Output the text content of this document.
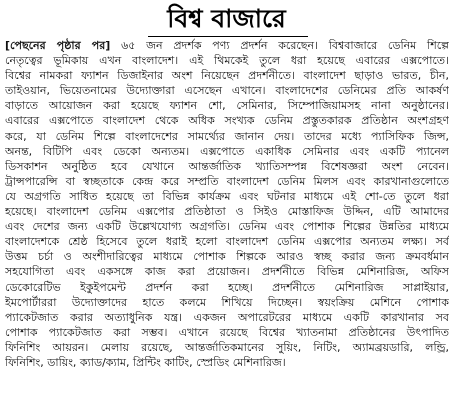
বিশ্ব বাজারে
[পেছনের পৃষ্ঠার পর] ৬৫ জন প্রদর্শক পণ্য প্রদর্শন করেছেন। বিশ্ববাজারে ডেনিম শিল্পে
নেতৃত্বের ভূমিকায় এখন বাংলাদেশ। এই থিমকেই তুলে ধরা হয়েছে এবারের এক্সপোতে।
বিশ্বের নামকরা ফ্যাশন ডিজাইনার অংশ নিয়েছেন প্রদর্শনীতে। বাংলাদেশ ছাড়াও ভারত, চীন,
তাইওয়ান, ভিয়েতনামের উদ্যোক্তারা এসেছেন এখানে। বাংলাদেশের ডেনিমের প্রতি আকর্ষণ
বাড়াতে আয়োজন করা হয়েছে ফ্যাশন শো, সেমিনার, সিম্পোজিয়ামসহ নানা অনুষ্ঠানের।
এবারের এক্সপোতে বাংলাদেশ থেকে অধিক সংখ্যক ডেনিম প্রস্তুতকারক প্রতিষ্ঠান অংশগ্রহণ
করে, যা ডেনিম শিল্পে বাংলাদেশের সামর্থ্যের জানান দেয়। তাদের মধ্যে প্যাসিফিক জিন্স,
অনন্ত, বিটিপি এবং ডেকো অন্যতম। এক্সপোতে একাধিক সেমিনার এবং একটি প্যানেল
ডিসকাশন অনুষ্ঠিত হবে যেখানে আন্তর্জাতিক খ্যাতিসম্পন্ন বিশেষজ্ঞরা অংশ নেবেন।
ট্রান্সপারেন্সি বা স্বচ্ছতাকে কেন্দ্র করে সম্প্রতি বাংলাদেশ ডেনিম মিলস এবং কারখানাগুলোতে
যে অগ্রগতি সাধিত হয়েছে তা বিভিন্ন কার্যক্রম এবং ঘটনার মাধ্যমে এই শো-তে তুলে ধরা
হয়েছে। বাংলাদেশ ডেনিম এক্সপোর প্রতিষ্ঠাতা ও সিইও মোস্তাফিজ উদ্দিন, এটি আমাদের
এবং দেশের জন্য একটি উল্লেখযোগ্য অগ্রগতি। ডেনিম এবং পোশাক শিল্পের উন্নতির মাধ্যমে
বাংলাদেশকে শ্রেষ্ঠ হিসেবে তুলে ধরাই হলো বাংলাদেশ ডেনিম এক্সপোর অন্যতম লক্ষ্য। সর্ব
উত্তম চর্চা ও অংশীদারিত্বের মাধ্যমে পোশাক শিল্পকে আরও স্বচ্ছ করার জন্য ক্রমবর্ধমান
সহযোগিতা এবং একসঙ্গে কাজ করা প্রয়োজন। প্রদর্শনীতে বিভিন্ন মেশিনারিজ, অফিস
ডেকোরেটিভ ইকুইপমেন্ট প্রদর্শন করা হচ্ছে। প্রদর্শনীতে মেশিনারিজ সাপ্লাইয়ার,
ইমপোর্টাররা উদ্যোক্তাদের হাতে কলমে শিখিয়ে দিচ্ছেন। স্বয়ংক্রিয় মেশিনে পোশাক
প্যাকেটজাত করার অত্যাধুনিক যন্ত্র। একজন অপারেটরের মাধ্যমে একটি কারখানার সব
পোশাক প্যাকেটজাত করা সম্ভব। এখানে রয়েছে বিশ্বের খ্যাতনামা প্রতিষ্ঠানের উৎপাদিত
ফিনিশিং আয়রন। মেলায় রয়েছে, আন্তর্জাতিকমানের সুয়িং, নিটিং, অ্যামব্রয়ডারি, লন্ড্রি,
ফিনিশিং, ডায়িং, ক্যাড/ক্যাম, প্রিন্টিং কাটিং, স্প্রেডিং মেশিনারিজ।
